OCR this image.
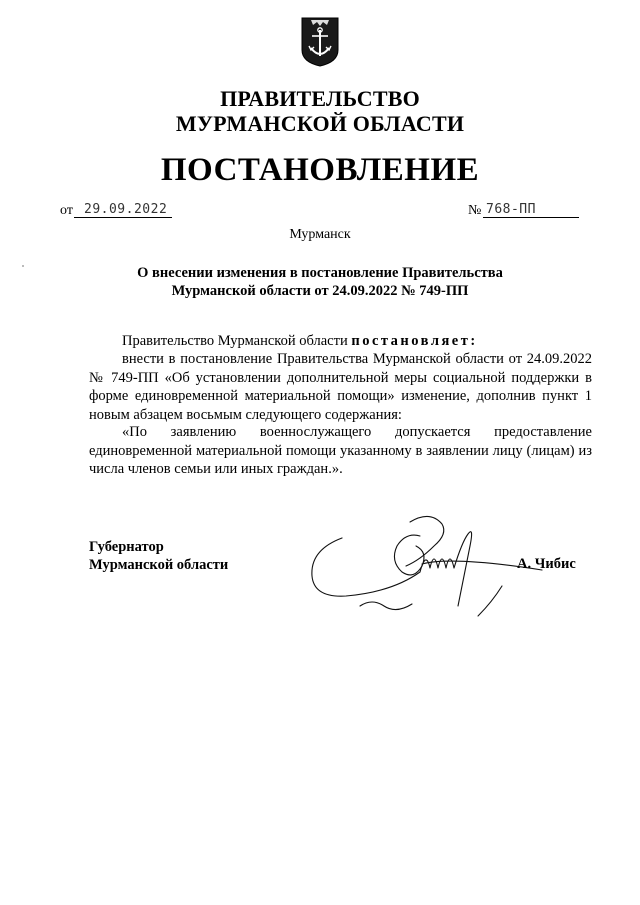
ПРАВИТЕЛЬСТВО
МУРМАНСКОЙ ОБЛАСТИ
ПОСТАНОВЛЕНИЕ
от 29.09.2022	№ 768-ПП
Мурманск
О внесении изменения в постановление Правительства
Мурманской области от 24.09.2022 № 749-ПП
Правительство Мурманской области постановляет:
внести в постановление Правительства Мурманской области от 24.09.2022 № 749-ПП «Об установлении дополнительной меры социальной поддержки в форме единовременной материальной помощи» изменение, дополнив пункт 1 новым абзацем восьмым следующего содержания:
«По заявлению военнослужащего допускается предоставление единовременной материальной помощи указанному в заявлении лицу (лицам) из числа членов семьи или иных граждан.».
Губернатор
Мурманской области	А. Чибис
